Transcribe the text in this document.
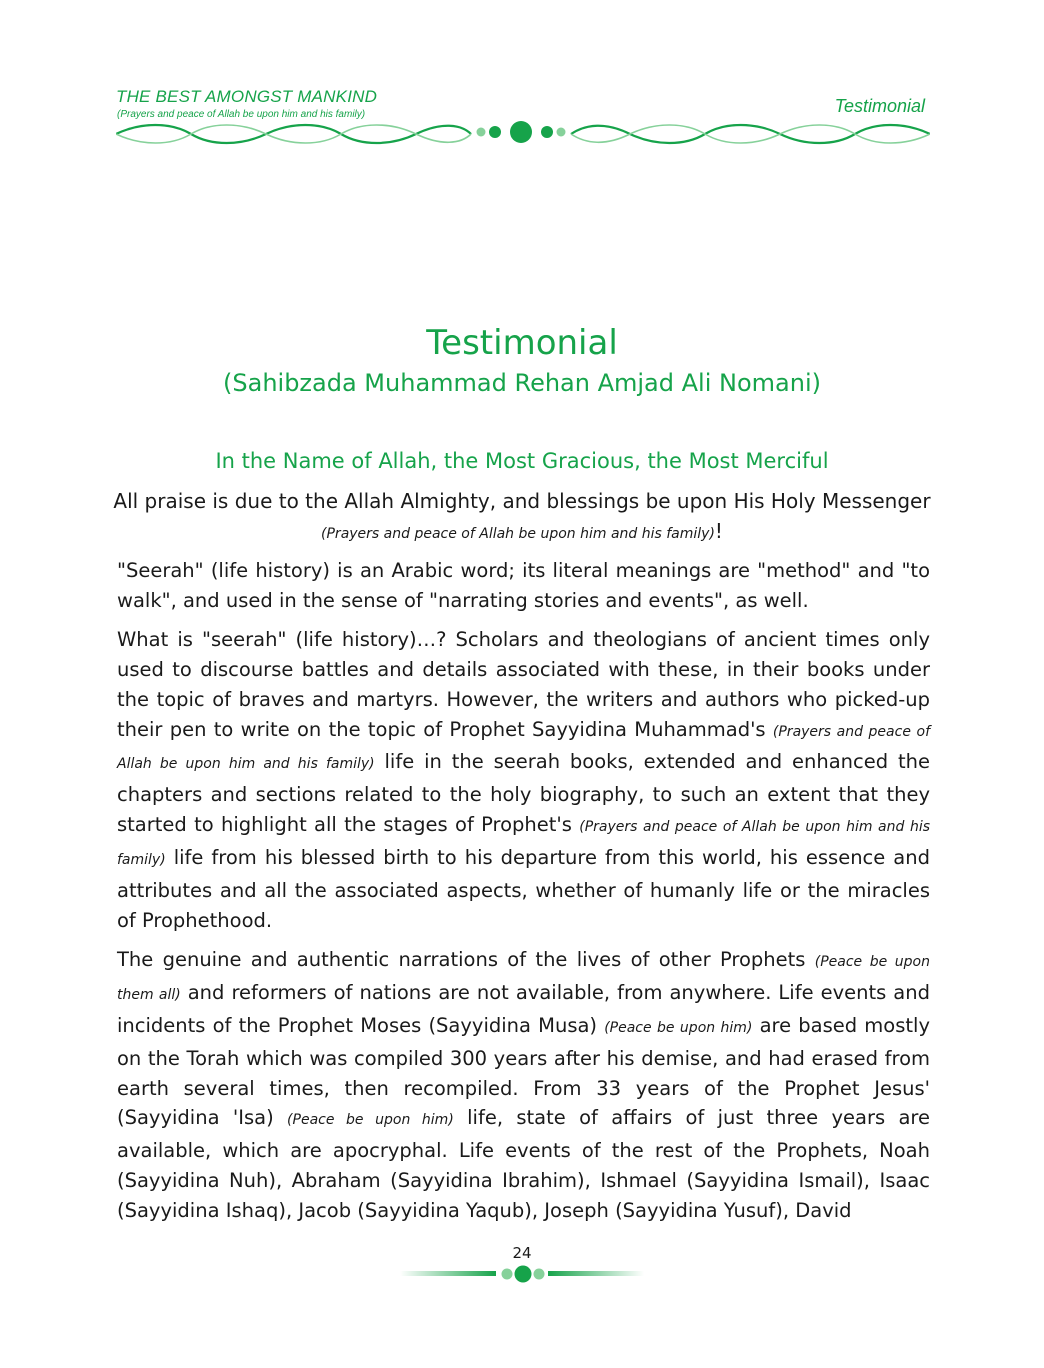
THE BEST AMONGST MANKIND
(Prayers and peace of Allah be upon him and his family)	Testimonial
Testimonial
(Sahibzada Muhammad Rehan Amjad Ali Nomani)
In the Name of Allah, the Most Gracious, the Most Merciful
All praise is due to the Allah Almighty, and blessings be upon His Holy Messenger
(Prayers and peace of Allah be upon him and his family)!

"Seerah" (life history) is an Arabic word; its literal meanings are "method" and "to walk", and used in the sense of "narrating stories and events", as well.

What is "seerah" (life history)…? Scholars and theologians of ancient times only used to discourse battles and details associated with these, in their books under the topic of braves and martyrs. However, the writers and authors who picked-up their pen to write on the topic of Prophet Sayyidina Muhammad's (Prayers and peace of Allah be upon him and his family) life in the seerah books, extended and enhanced the chapters and sections related to the holy biography, to such an extent that they started to highlight all the stages of Prophet's (Prayers and peace of Allah be upon him and his family) life from his blessed birth to his departure from this world, his essence and attributes and all the associated aspects, whether of humanly life or the miracles of Prophethood.

The genuine and authentic narrations of the lives of other Prophets (Peace be upon them all) and reformers of nations are not available, from anywhere. Life events and incidents of the Prophet Moses (Sayyidina Musa) (Peace be upon him) are based mostly on the Torah which was compiled 300 years after his demise, and had erased from earth several times, then recompiled. From 33 years of the Prophet Jesus' (Sayyidina 'Isa) (Peace be upon him) life, state of affairs of just three years are available, which are apocryphal. Life events of the rest of the Prophets, Noah (Sayyidina Nuh), Abraham (Sayyidina Ibrahim), Ishmael (Sayyidina Ismail), Isaac (Sayyidina Ishaq), Jacob (Sayyidina Yaqub), Joseph (Sayyidina Yusuf), David

24
